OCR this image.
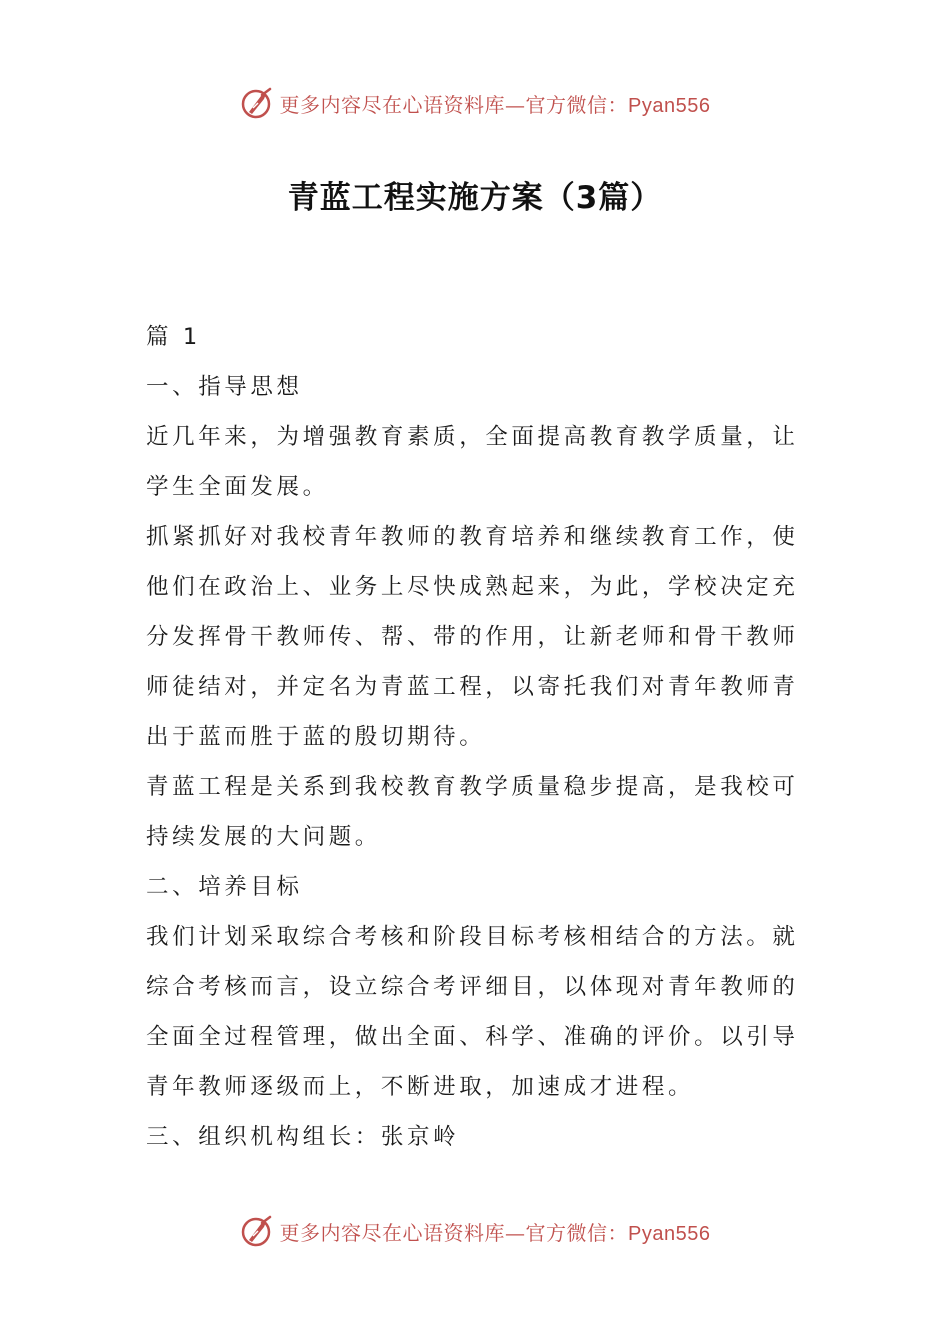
更多内容尽在心语资料库—官方微信：Pyan556
青蓝工程实施方案（3篇）

篇 1

一、指导思想

近几年来，为增强教育素质，全面提高教育教学质量，让学生全面发展。

抓紧抓好对我校青年教师的教育培养和继续教育工作，使他们在政治上、业务上尽快成熟起来，为此，学校决定充分发挥骨干教师传、帮、带的作用，让新老师和骨干教师师徒结对，并定名为青蓝工程，以寄托我们对青年教师青出于蓝而胜于蓝的殷切期待。

青蓝工程是关系到我校教育教学质量稳步提高，是我校可持续发展的大问题。

二、培养目标

我们计划采取综合考核和阶段目标考核相结合的方法。就综合考核而言，设立综合考评细目，以体现对青年教师的全面全过程管理，做出全面、科学、准确的评价。以引导青年教师逐级而上，不断进取，加速成才进程。

三、组织机构组长：张京岭

更多内容尽在心语资料库—官方微信：Pyan556
